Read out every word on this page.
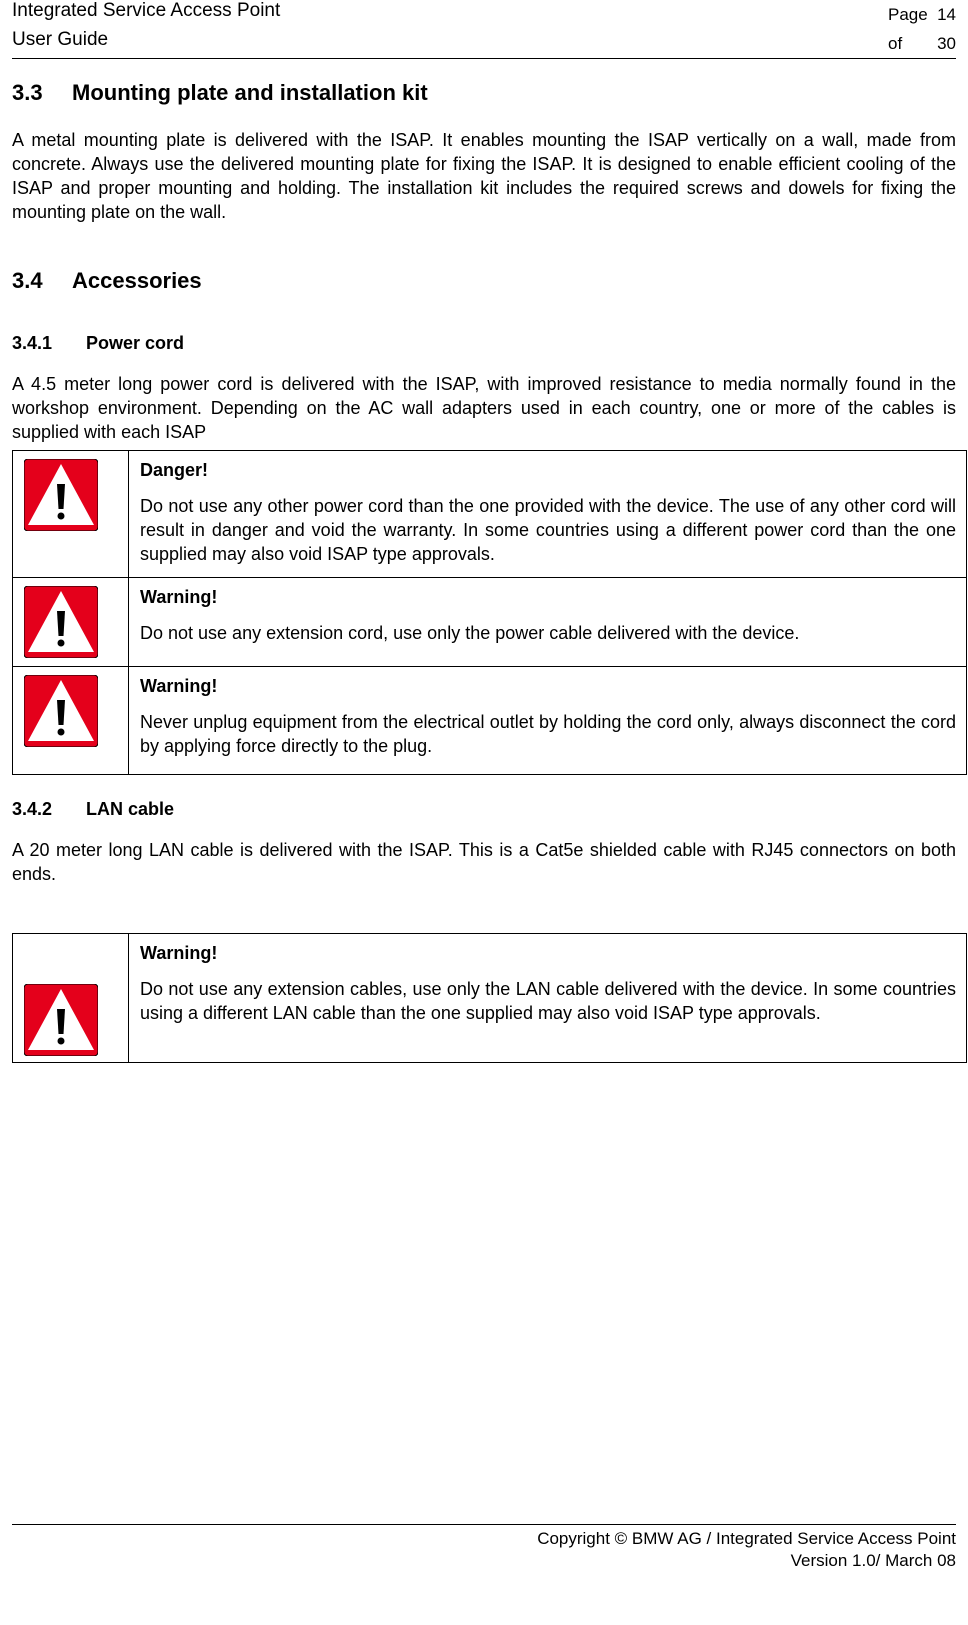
Integrated Service Access Point
User Guide
Page 14
of 30
3.3 Mounting plate and installation kit

A metal mounting plate is delivered with the ISAP. It enables mounting the ISAP vertically on a wall, made from concrete. Always use the delivered mounting plate for fixing the ISAP. It is designed to enable efficient cooling of the ISAP and proper mounting and holding. The installation kit includes the required screws and dowels for fixing the mounting plate on the wall.

3.4 Accessories
3.4.1 Power cord

A 4.5 meter long power cord is delivered with the ISAP, with improved resistance to media normally found in the workshop environment. Depending on the AC wall adapters used in each country, one or more of the cables is supplied with each ISAP

Danger!

Do not use any other power cord than the one provided with the device. The use of any other cord will result in danger and void the warranty. In some countries using a different power cord than the one supplied may also void ISAP type approvals.

Warning!

Do not use any extension cord, use only the power cable delivered with the device.

Warning!

Never unplug equipment from the electrical outlet by holding the cord only, always disconnect the cord by applying force directly to the plug.

3.4.2 LAN cable

A 20 meter long LAN cable is delivered with the ISAP. This is a Cat5e shielded cable with RJ45 connectors on both ends.

Warning!

Do not use any extension cables, use only the LAN cable delivered with the device. In some countries using a different LAN cable than the one supplied may also void ISAP type approvals.

Copyright © BMW AG / Integrated Service Access Point
Version 1.0/ March 08
